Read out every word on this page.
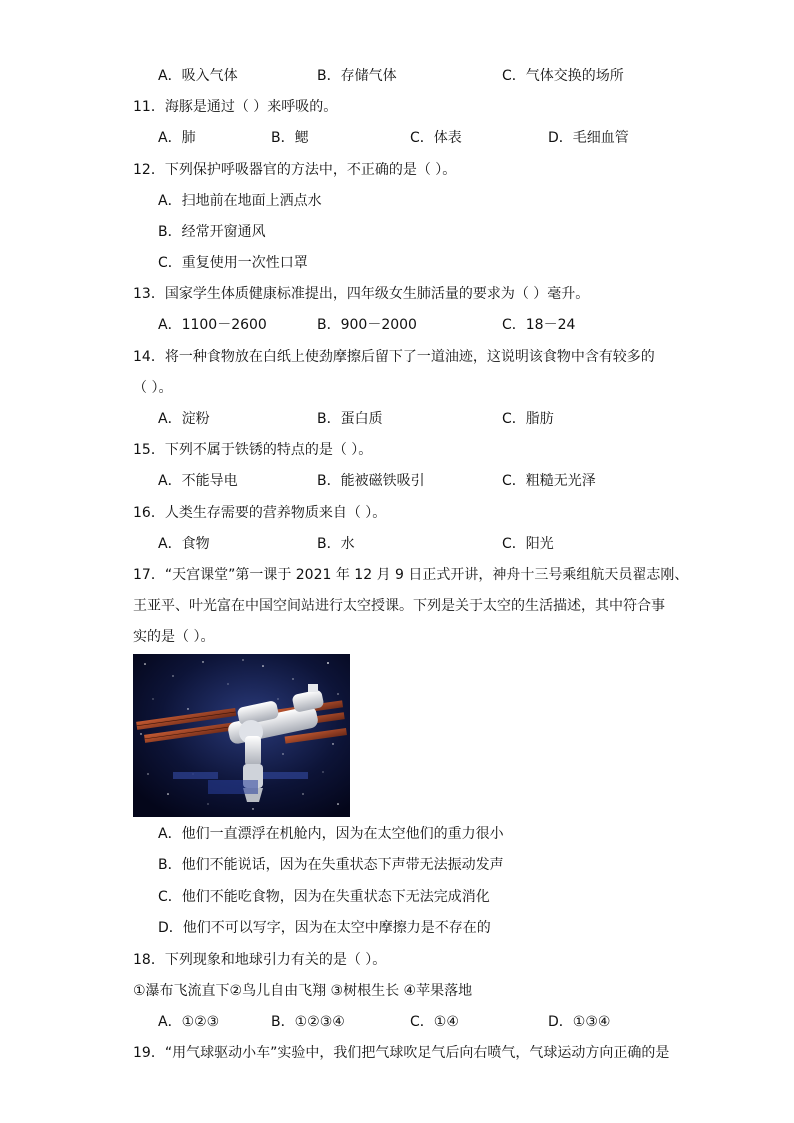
A．吸入气体	B．存储气体	C．气体交换的场所
11．海豚是通过（ ）来呼吸的。
A．肺	B．鳃	C．体表	D．毛细血管
12．下列保护呼吸器官的方法中，不正确的是（ ）。
A．扫地前在地面上洒点水
B．经常开窗通风
C．重复使用一次性口罩
13．国家学生体质健康标准提出，四年级女生肺活量的要求为（ ）毫升。
A．1100－2600	B．900－2000	C．18－24
14．将一种食物放在白纸上使劲摩擦后留下了一道油迹，这说明该食物中含有较多的
（ ）。
A．淀粉	B．蛋白质	C．脂肪
15．下列不属于铁锈的特点的是（ ）。
A．不能导电	B．能被磁铁吸引	C．粗糙无光泽
16．人类生存需要的营养物质来自（ ）。
A．食物	B．水	C．阳光
17．“天宫课堂”第一课于 2021 年 12 月 9 日正式开讲，神舟十三号乘组航天员翟志刚、
王亚平、叶光富在中国空间站进行太空授课。下列是关于太空的生活描述，其中符合事
实的是（ ）。
A．他们一直漂浮在机舱内，因为在太空他们的重力很小
B．他们不能说话，因为在失重状态下声带无法振动发声
C．他们不能吃食物，因为在失重状态下无法完成消化
D．他们不可以写字，因为在太空中摩擦力是不存在的
18．下列现象和地球引力有关的是（ ）。
①瀑布飞流直下②鸟儿自由飞翔 ③树根生长 ④苹果落地
A．①②③	B．①②③④	C．①④	D．①③④
19．“用气球驱动小车”实验中，我们把气球吹足气后向右喷气，气球运动方向正确的是
